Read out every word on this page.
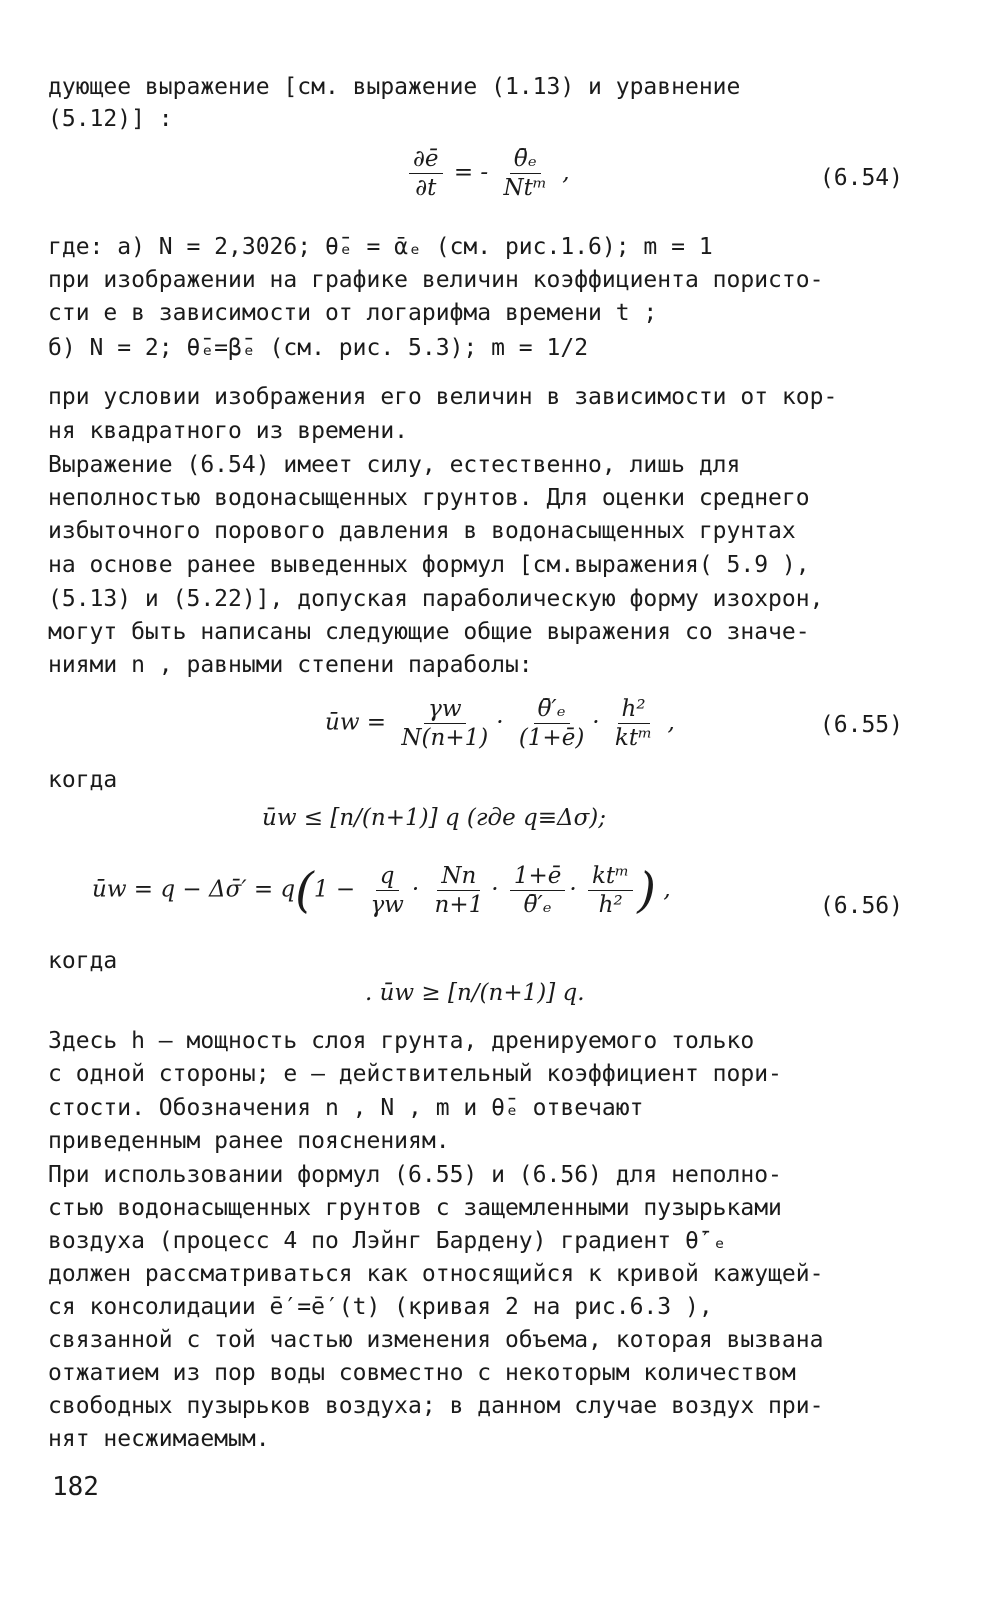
дующее выражение [см. выражение (1.13) и уравнение
(5.12)] :
$\frac{\partial ē}{\partial t}$ = - $\frac{\text{θ̄ₑ}}{\text{Ntᵐ}}$ ,	(6.54)
где: а) N = 2,3026; θ̄ₑ = ᾱₑ (см. рис.1.6); m = 1
при изображении на графике величин коэффициента пористо-
сти e в зависимости от логарифма времени t ;
б) N = 2; θ̄ₑ=β̄ₑ (см. рис. 5.3); m = 1/2
при условии изображения его величин в зависимости от кор-
ня квадратного из времени.
Выражение (6.54) имеет силу, естественно, лишь для
неполностью водонасыщенных грунтов. Для оценки среднего
избыточного порового давления в водонасыщенных грунтах
на основе ранее выведенных формул [см.выражения( 5.9 ),
(5.13) и (5.22)], допуская параболическую форму изохрон,
могут быть написаны следующие общие выражения со значе-
ниями n , равными степени параболы:
ūw = $\frac{\gamma w}{N(n+1)} \cdot \frac{\text{θ̄′ₑ}}{(1+ē)} \cdot \frac{\text{h²}}{\text{ktᵐ}}$ ,	(6.55)
когда
ūw ≤ [n/(n+1)] q (где q≡Δσ);
ūw = q − Δσ̄′ = $q(1 - \frac{q}{\gamma w} \cdot \frac{Nn}{n+1} \cdot \frac{1+ē}{\text{θ̄′ₑ}} \cdot \frac{\text{ktᵐ}}{\text{h²}}$ ) ,
(6.56)
когда
. ūw ≥ [n/(n+1)] q.
Здесь h – мощность слоя грунта, дренируемого только
с одной стороны; e – действительный коэффициент пори-
стости. Обозначения n , N , m и θ̄ₑ отвечают
приведенным ранее пояснениям.
При использовании формул (6.55) и (6.56) для неполно-
стью водонасыщенных грунтов с защемленными пузырьками
воздуха (процесс 4 по Лэйнг Бардену) градиент θ̄′ₑ
должен рассматриваться как относящийся к кривой кажущей-
ся консолидации ē′=ē′(t) (кривая 2 на рис.6.3 ),
связанной с той частью изменения объема, которая вызвана
отжатием из пор воды совместно с некоторым количеством
свободных пузырьков воздуха; в данном случае воздух при-
нят несжимаемым.
182
